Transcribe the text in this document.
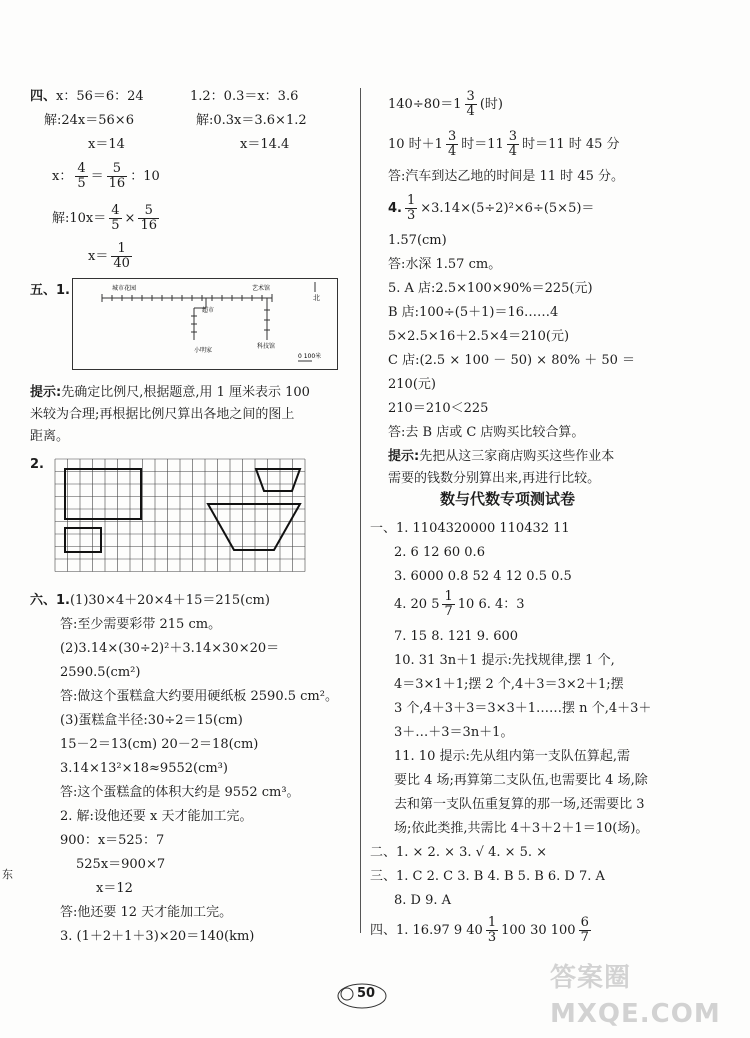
四、x：56＝6：24	1.2：0.3＝x：3.6
解:24x＝56×6	解:0.3x＝3.6×1.2
x＝14	x＝14.4
x： $\frac{4}{5} = \frac{5}{16}$ ：10
解:10x＝ $\frac{4}{5} \times \frac{5}{16}$
$x= \frac{1}{40}$
五、1.	城市花园	艺术馆
超市
小明家
科技馆
北
0 100米
提示:先确定比例尺,根据题意,用 1 厘米表示 100
米较为合理;再根据比例尺算出各地之间的图上
距离。
2.
六、1.(1)30×4＋20×4＋15＝215(cm)
答:至少需要彩带 215 cm。
(2)3.14×(30÷2)²＋3.14×30×20＝
2590.5(cm²)
答:做这个蛋糕盒大约要用硬纸板 2590.5 cm²。
(3)蛋糕盒半径:30÷2＝15(cm)
15－2＝13(cm) 20－2＝18(cm)
3.14×13²×18≈9552(cm³)
答:这个蛋糕盒的体积大约是 9552 cm³。
2. 解:设他还要 x 天才能加工完。
900：x＝525：7
525x＝900×7
x＝12
答:他还要 12 天才能加工完。
3. (1＋2＋1＋3)×20＝140(km)
东
$140\div 80=1 \frac{3}{4}$ (时)
10 时$+1 \frac{3}{4}$ 时$=11 \frac{3}{4}$ 时＝11 时 45 分
答:汽车到达乙地的时间是 11 时 45 分。
4. $\frac{1}{3} \times 3.14\times(5\div 2)^2\times 6\div(5\times 5)=$
1.57(cm)
答:水深 1.57 cm。
5. A 店:2.5×100×90%＝225(元)
B 店:100÷(5＋1)＝16……4
5×2.5×16＋2.5×4＝210(元)
C 店:(2.5 × 100 － 50) × 80% ＋ 50 ＝
210(元)
210＝210＜225
答:去 B 店或 C 店购买比较合算。
提示:先把从这三家商店购买这些作业本
需要的钱数分别算出来,再进行比较。
数与代数专项测试卷
一、1. 1104320000 110432 11
2. 6 12 60 0.6
3. 6000 0.8 52 4 12 0.5 0.5
4. 20 $5 \frac{1}{7} 10$ 6. 4：3
7. 15 8. 121 9. 600
10. 31 3n＋1 提示:先找规律,摆 1 个,
4＝3×1＋1;摆 2 个,4＋3＝3×2＋1;摆
3 个,4＋3＋3＝3×3＋1……摆 n 个,4＋3＋
3＋…＋3＝3n＋1。
11. 10 提示:先从组内第一支队伍算起,需
要比 4 场;再算第二支队伍,也需要比 4 场,除
去和第一支队伍重复算的那一场,还需要比 3
场;依此类推,共需比 4＋3＋2＋1＝10(场)。
二、1. × 2. × 3. √ 4. × 5. ×
三、1. C 2. C 3. B 4. B 5. B 6. D 7. A
8. D 9. A
四、1. 16.97 9 $40 \frac{1}{3} 100$ 30 $100 \frac{6}{7}$
50
答案圈 MXQE.COM
